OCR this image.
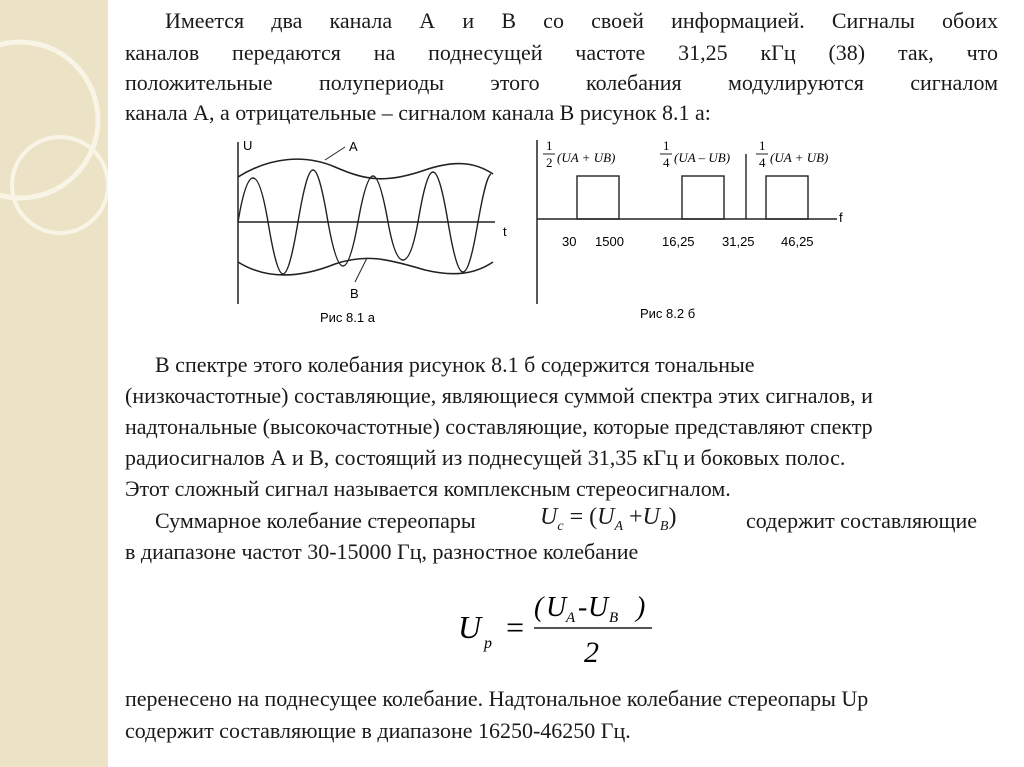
Имеется два канала А и В со своей информацией. Сигналы обоих
каналов передаются на поднесущей частоте 31,25 кГц (38) так, что
положительные полупериоды этого колебания модулируются сигналом
канала А, а отрицательные – сигналом канала В рисунок 8.1 а:
U
t
A
B
Рис 8.1 а
f
1
2 (UA + UB)
1
4 (UA – UB)
1
4 (UA + UB)
30 1500	16,25 31,25 46,25
Рис 8.2 б
В спектре этого колебания рисунок 8.1 б содержится тональные
(низкочастотные) составляющие, являющиеся суммой спектра этих сигналов, и
надтональные (высокочастотные) составляющие, которые представляют спектр
радиосигналов А и В, состоящий из поднесущей 31,35 кГц и боковых полос.
Этот сложный сигнал называется комплексным стереосигналом.
Суммарное колебание стереопары	$U_c = (U_A +U_B)$	содержит составляющие
в диапазоне частот 30-15000 Гц, разностное колебание
U p =
( U A - U B )
2
перенесено на поднесущее колебание. Надтональное колебание стереопары Up
содержит составляющие в диапазоне 16250-46250 Гц.
